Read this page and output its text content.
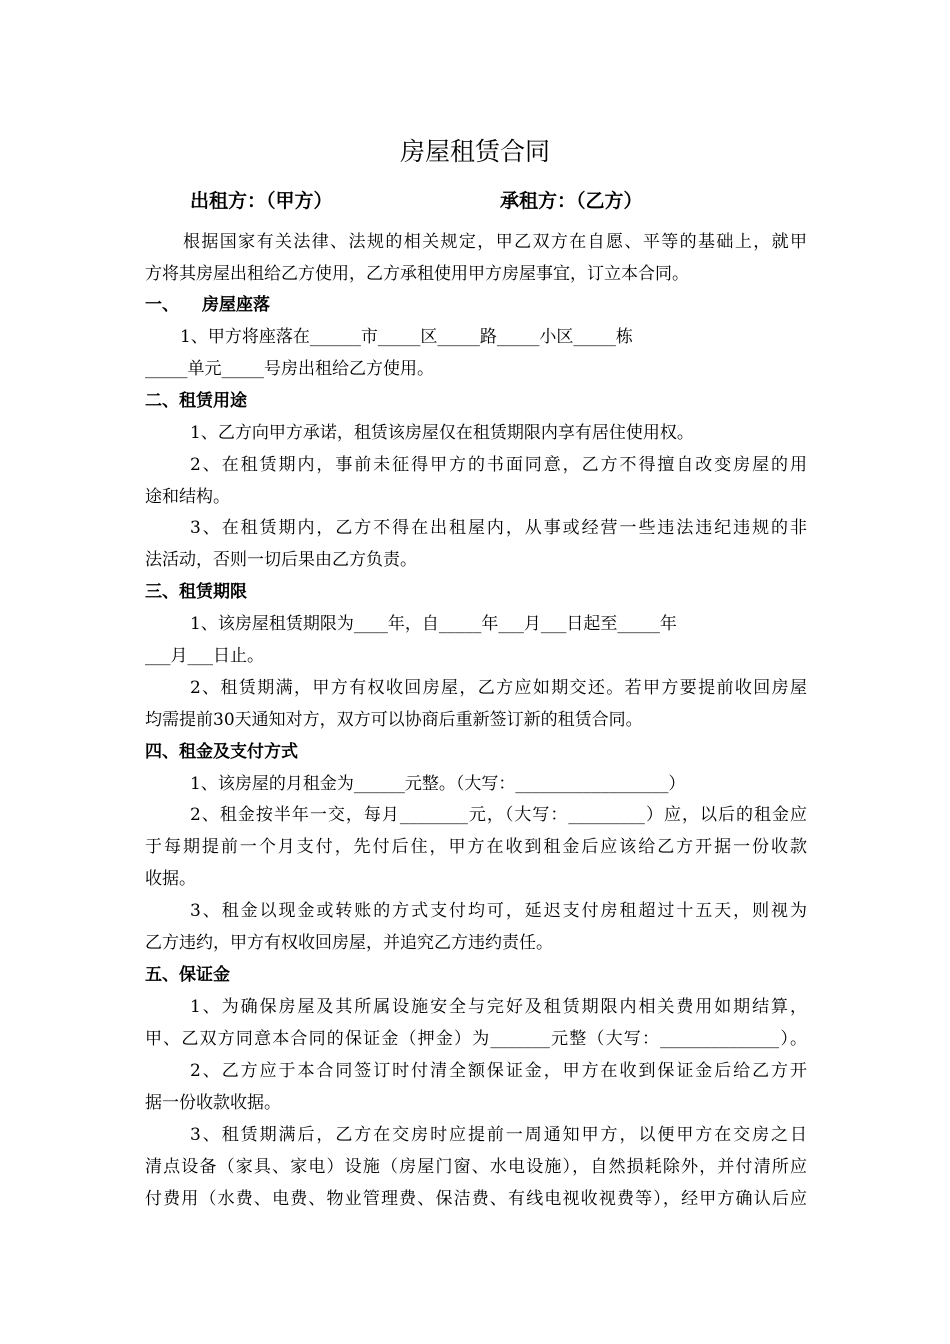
房屋租赁合同
出租方：（甲方）	承租方：（乙方）
根据国家有关法律、法规的相关规定，甲乙双方在自愿、平等的基础上，就甲
方将其房屋出租给乙方使用，乙方承租使用甲方房屋事宜，订立本合同。
一、 房屋座落
1、甲方将座落在______市_____区_____路_____小区_____栋
_____单元_____号房出租给乙方使用。
二、租赁用途
1、乙方向甲方承诺，租赁该房屋仅在租赁期限内享有居住使用权。
2、在租赁期内，事前未征得甲方的书面同意，乙方不得擅自改变房屋的用
途和结构。
3、在租赁期内，乙方不得在出租屋内，从事或经营一些违法违纪违规的非
法活动，否则一切后果由乙方负责。
三、租赁期限
1、该房屋租赁期限为____年，自_____年___月___日起至_____年
___月___日止。
2、租赁期满，甲方有权收回房屋，乙方应如期交还。若甲方要提前收回房屋
均需提前30天通知对方，双方可以协商后重新签订新的租赁合同。
四、租金及支付方式
1、该房屋的月租金为______元整。（大写：__________________）
2、租金按半年一交，每月________元，（大写：_________）应，以后的租金应
于每期提前一个月支付，先付后住，甲方在收到租金后应该给乙方开据一份收款
收据。
3、租金以现金或转账的方式支付均可，延迟支付房租超过十五天，则视为
乙方违约，甲方有权收回房屋，并追究乙方违约责任。
五、保证金
1、为确保房屋及其所属设施安全与完好及租赁期限内相关费用如期结算，
甲、乙双方同意本合同的保证金（押金）为_______元整（大写：______________）。
2、乙方应于本合同签订时付清全额保证金，甲方在收到保证金后给乙方开
据一份收款收据。
3、租赁期满后，乙方在交房时应提前一周通知甲方，以便甲方在交房之日
清点设备（家具、家电）设施（房屋门窗、水电设施），自然损耗除外，并付清所应
付费用（水费、电费、物业管理费、保洁费、有线电视收视费等），经甲方确认后应
